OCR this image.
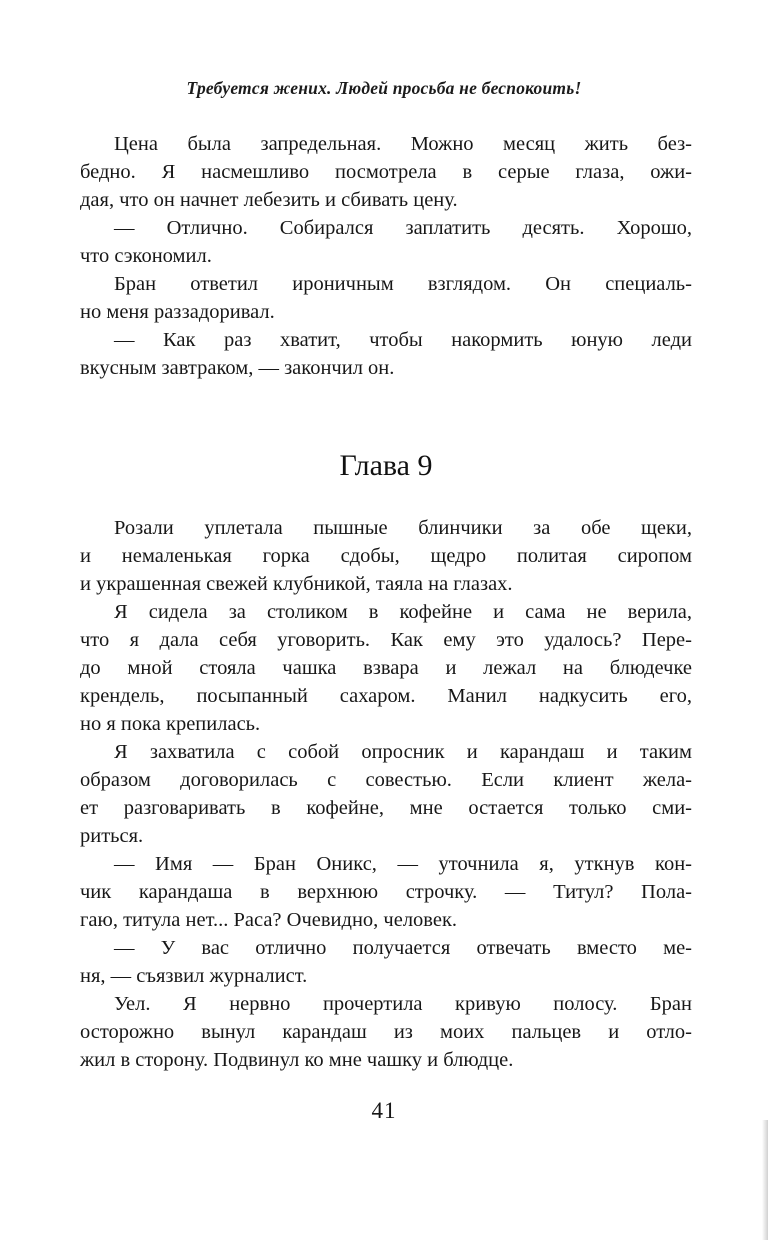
Требуется жених. Людей просьба не беспокоить!
Цена была запредельная. Можно месяц жить без-
бедно. Я насмешливо посмотрела в серые глаза, ожи-
дая, что он начнет лебезить и сбивать цену.
— Отлично. Собирался заплатить десять. Хорошо,
что сэкономил.
Бран ответил ироничным взглядом. Он специаль-
но меня раззадоривал.
— Как раз хватит, чтобы накормить юную леди
вкусным завтраком, — закончил он.
Глава 9
Розали уплетала пышные блинчики за обе щеки,
и немаленькая горка сдобы, щедро политая сиропом
и украшенная свежей клубникой, таяла на глазах.
Я сидела за столиком в кофейне и сама не верила,
что я дала себя уговорить. Как ему это удалось? Пере-
до мной стояла чашка взвара и лежал на блюдечке
крендель, посыпанный сахаром. Манил надкусить его,
но я пока крепилась.
Я захватила с собой опросник и карандаш и таким
образом договорилась с совестью. Если клиент жела-
ет разговаривать в кофейне, мне остается только сми-
риться.
— Имя — Бран Оникс, — уточнила я, уткнув кон-
чик карандаша в верхнюю строчку. — Титул? Пола-
гаю, титула нет... Раса? Очевидно, человек.
— У вас отлично получается отвечать вместо ме-
ня, — съязвил журналист.
Уел. Я нервно прочертила кривую полосу. Бран
осторожно вынул карандаш из моих пальцев и отло-
жил в сторону. Подвинул ко мне чашку и блюдце.
41
